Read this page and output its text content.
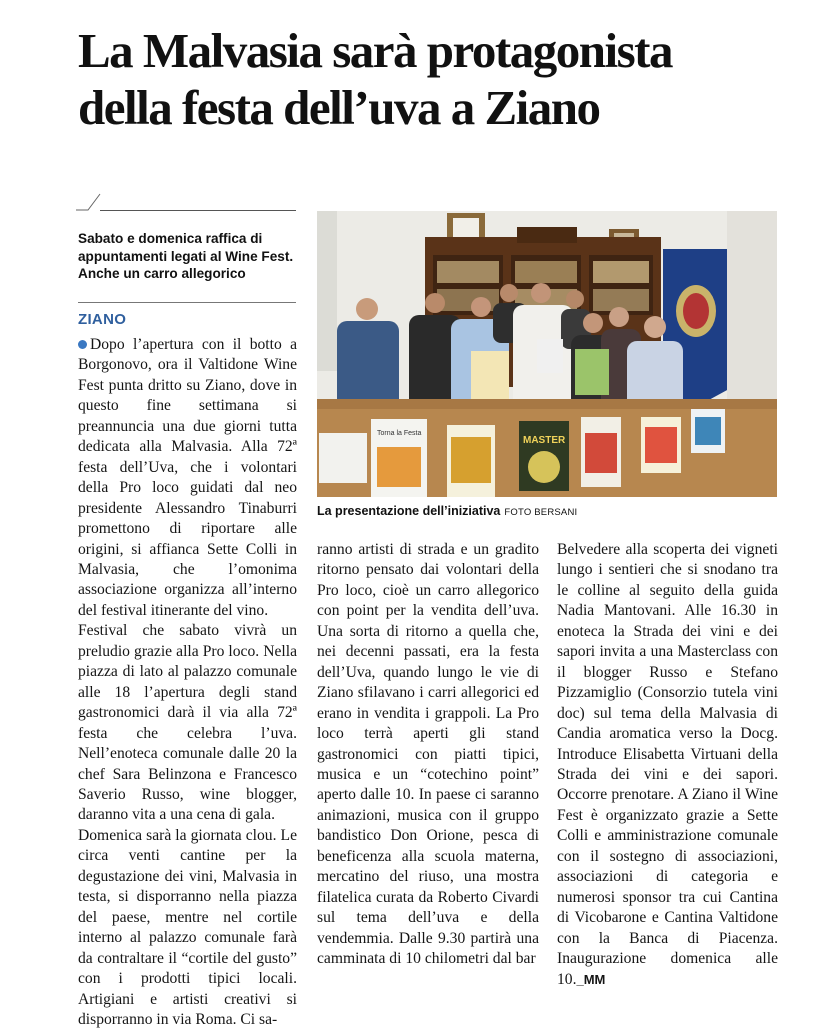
La Malvasia sarà protagonista
della festa dell’uva a Ziano

Sabato e domenica raffica di appuntamenti legati al Wine Fest. Anche un carro allegorico

ZIANO

Dopo l’apertura con il botto a Borgonovo, ora il Valtidone Wine Fest punta dritto su Ziano, dove in questo fine settimana si preannuncia una due giorni tutta dedicata alla Malvasia. Alla 72ª festa dell’Uva, che i volontari della Pro loco guidati dal neo presidente Alessandro Tinaburri promettono di riportare alle origini, si affianca Sette Colli in Malvasia, che l’omonima associazione organizza all’interno del festival itinerante del vino.

Festival che sabato vivrà un preludio grazie alla Pro loco. Nella piazza di lato al palazzo comunale alle 18 l’apertura degli stand gastronomici darà il via alla 72ª festa che celebra l’uva. Nell’enoteca comunale dalle 20 la chef Sara Belinzona e Francesco Saverio Russo, wine blogger, daranno vita a una cena di gala.

Domenica sarà la giornata clou. Le circa venti cantine per la degustazione dei vini, Malvasia in testa, si disporranno nella piazza del paese, mentre nel cortile interno al palazzo comunale farà da contraltare il “cortile del gusto” con i prodotti tipici locali. Artigiani e artisti creativi si disporranno in via Roma. Ci sa-

MASTER
Torna la Festa
La presentazione dell’iniziativa FOTO BERSANI

ranno artisti di strada e un gradito ritorno pensato dai volontari della Pro loco, cioè un carro allegorico con point per la vendita dell’uva. Una sorta di ritorno a quella che, nei decenni passati, era la festa dell’Uva, quando lungo le vie di Ziano sfilavano i carri allegorici ed erano in vendita i grappoli. La Pro loco terrà aperti gli stand gastronomici con piatti tipici, musica e un “cotechino point” aperto dalle 10. In paese ci saranno animazioni, musica con il gruppo bandistico Don Orione, pesca di beneficenza alla scuola materna, mercatino del riuso, una mostra filatelica curata da Roberto Civardi sul tema dell’uva e della vendemmia. Dalle 9.30 partirà una camminata di 10 chilometri dal bar

Belvedere alla scoperta dei vigneti lungo i sentieri che si snodano tra le colline al seguito della guida Nadia Mantovani. Alle 16.30 in enoteca la Strada dei vini e dei sapori invita a una Masterclass con il blogger Russo e Stefano Pizzamiglio (Consorzio tutela vini doc) sul tema della Malvasia di Candia aromatica verso la Docg. Introduce Elisabetta Virtuani della Strada dei vini e dei sapori. Occorre prenotare. A Ziano il Wine Fest è organizzato grazie a Sette Colli e amministrazione comunale con il sostegno di associazioni, associazioni di categoria e numerosi sponsor tra cui Cantina di Vicobarone e Cantina Valtidone con la Banca di Piacenza. Inaugurazione domenica alle 10._MM
